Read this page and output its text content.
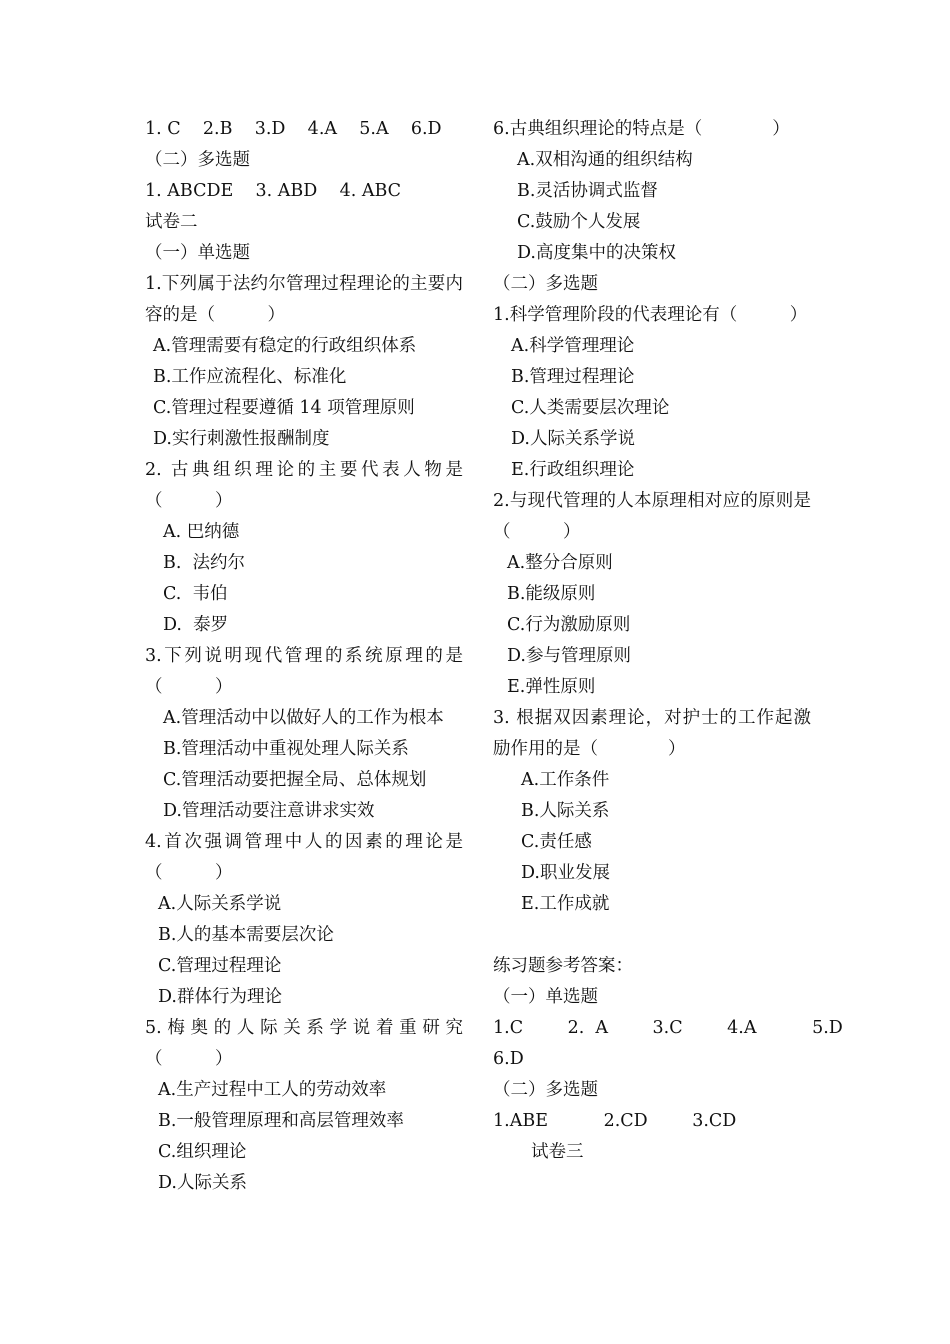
1. C    2.B    3.D    4.A    5.A    6.D
（二）多选题
1. ABCDE    3. ABD    4. ABC
试卷二
（一）单选题
1.下列属于法约尔管理过程理论的主要内容的是（　　　）
A.管理需要有稳定的行政组织体系
B.工作应流程化、标准化
C.管理过程要遵循 14 项管理原则
D.实行刺激性报酬制度
2. 古典组织理论的主要代表人物是（　　　）
A. 巴纳德
B.  法约尔
C.  韦伯
D.  泰罗
3.下列说明现代管理的系统原理的是（　　　）
A.管理活动中以做好人的工作为根本
B.管理活动中重视处理人际关系
C.管理活动要把握全局、总体规划
D.管理活动要注意讲求实效
4.首次强调管理中人的因素的理论是（　　　）
A.人际关系学说
B.人的基本需要层次论
C.管理过程理论
D.群体行为理论
5.梅奥的人际关系学说着重研究（　　　）
A.生产过程中工人的劳动效率
B.一般管理原理和高层管理效率
C.组织理论
D.人际关系
6.古典组织理论的特点是（　　　　）
A.双相沟通的组织结构
B.灵活协调式监督
C.鼓励个人发展
D.高度集中的决策权
（二）多选题
1.科学管理阶段的代表理论有（　　　）
A.科学管理理论
B.管理过程理论
C.人类需要层次理论
D.人际关系学说
E.行政组织理论
2.与现代管理的人本原理相对应的原则是（　　　）
A.整分合原则
B.能级原则
C.行为激励原则
D.参与管理原则
E.弹性原则
3. 根据双因素理论，对护士的工作起激励作用的是（　　　　）
A.工作条件
B.人际关系
C.责任感
D.职业发展
E.工作成就
练习题参考答案：
（一）单选题
1.C        2.  A        3.C        4.A          5.D
6.D
（二）多选题
1.ABE          2.CD        3.CD
试卷三
